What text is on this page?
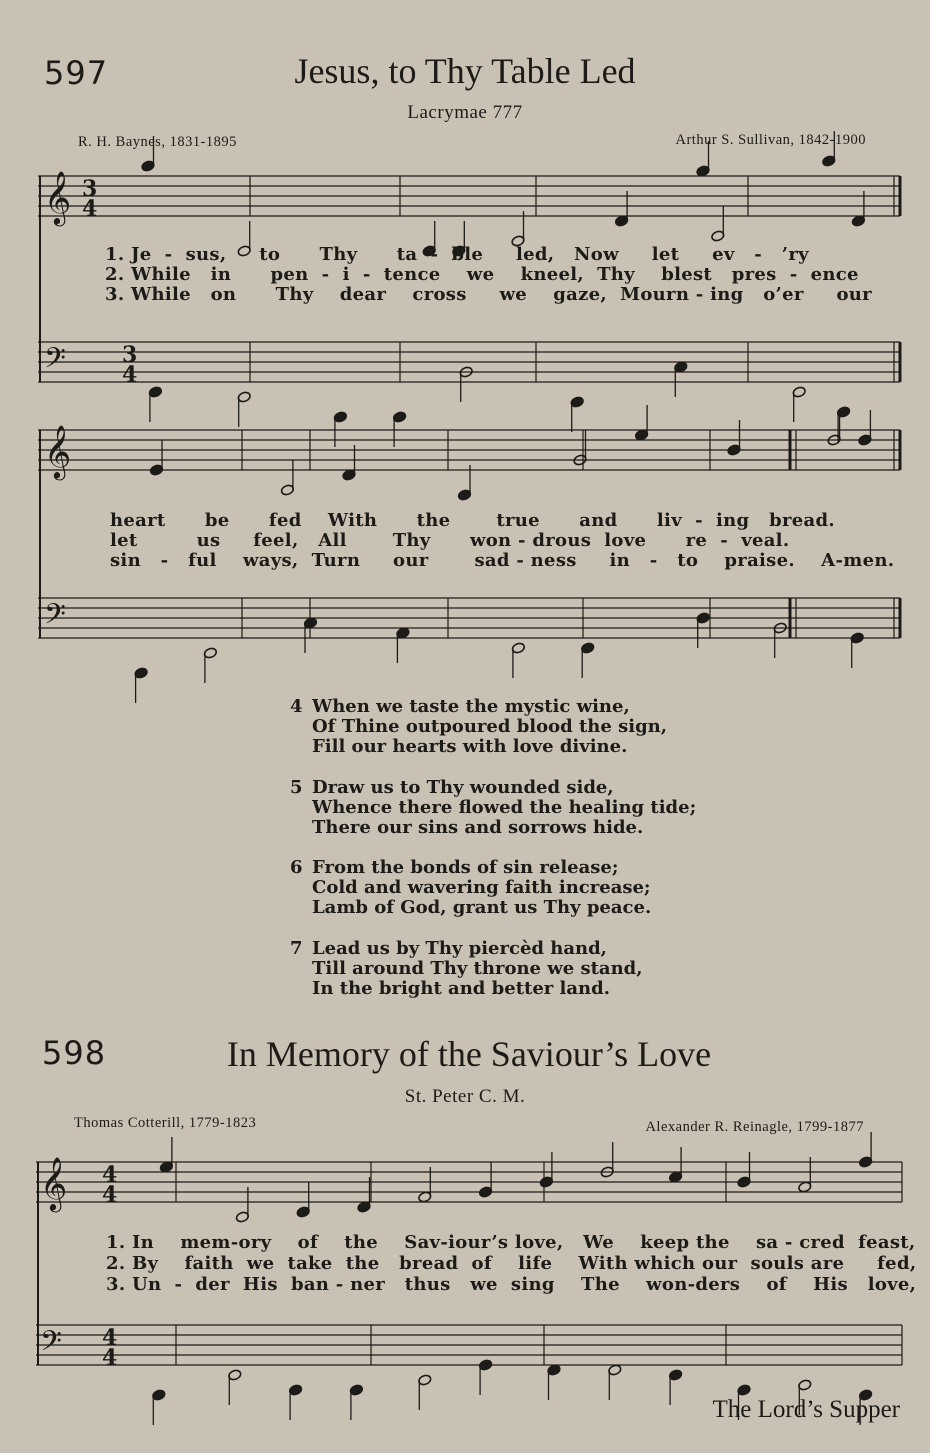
597	Jesus, to Thy Table Led
Lacrymae 777
R. H. Baynes, 1831-1895	Arthur S. Sullivan, 1842-1900
𝄞
𝄢
3
4
3
4
1. Je  -  sus,     to      Thy      ta  -  ble     led,   Now     let     ev   -   ’ry
2. While   in      pen  -  i  -  tence    we    kneel,  Thy    blest   pres  -  ence
3. While   on      Thy    dear    cross     we    gaze,  Mourn - ing   o’er     our
𝄞
𝄢
heart      be      fed    With      the       true      and      liv  -  ing   bread.
let         us     feel,   All       Thy      won - drous  love      re  -  veal.
sin   -   ful    ways,  Turn     our       sad - ness     in   -   to    praise.    A-men.
4 When we taste the mystic wine,
Of Thine outpoured blood the sign,
Fill our hearts with love divine.
5 Draw us to Thy wounded side,
Whence there flowed the healing tide;
There our sins and sorrows hide.
6 From the bonds of sin release;
Cold and wavering faith increase;
Lamb of God, grant us Thy peace.
7 Lead us by Thy piercèd hand,
Till around Thy throne we stand,
In the bright and better land.
598	In Memory of the Saviour’s Love
St. Peter C. M.
Thomas Cotterill, 1779-1823	Alexander R. Reinagle, 1799-1877
𝄞
𝄢
4
4
4
4
1. In    mem-ory    of    the    Sav-iour’s love,   We    keep the    sa - cred  feast,
2. By    faith  we  take  the   bread  of    life    With which our  souls are     fed,
3. Un  -  der  His  ban - ner   thus   we  sing    The    won-ders    of    His   love,
The Lord’s Supper
